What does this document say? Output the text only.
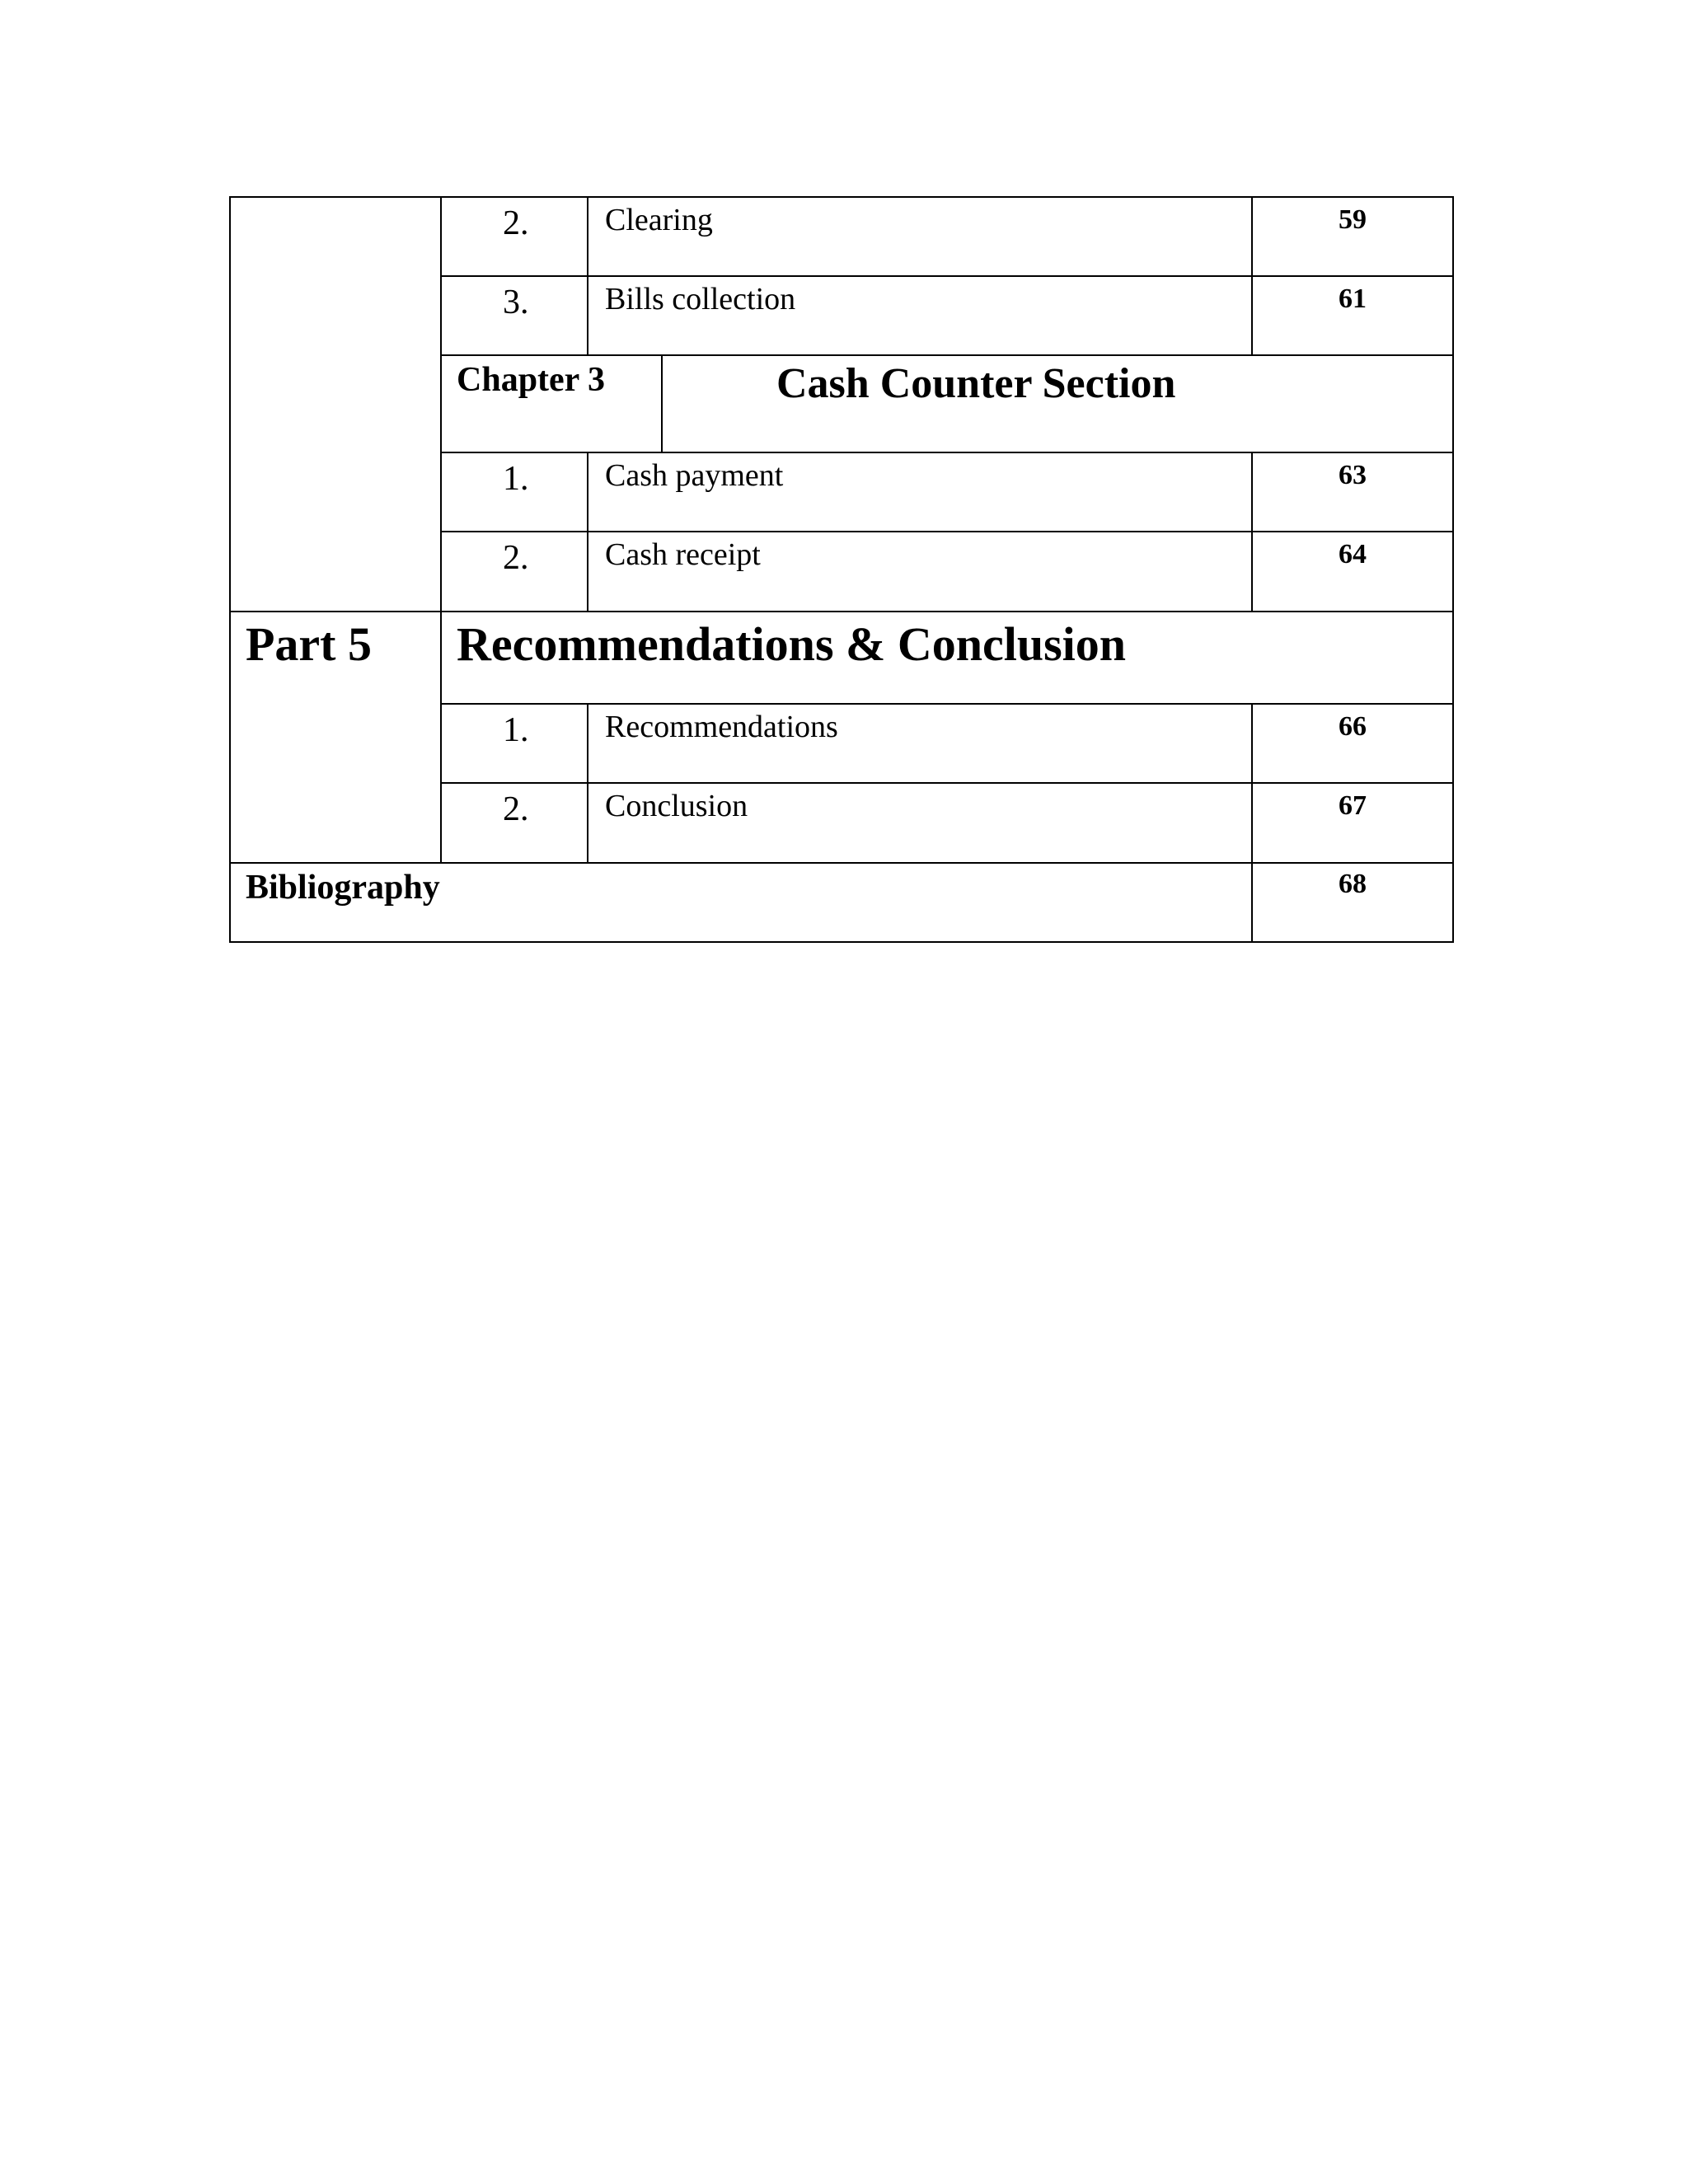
2. Clearing	59
3. Bills collection	61
Chapter 3	Cash Counter Section
1. Cash payment	63
2. Cash receipt	64
Part 5 Recommendations & Conclusion
1. Recommendations	66
2. Conclusion	67
Bibliography	68
